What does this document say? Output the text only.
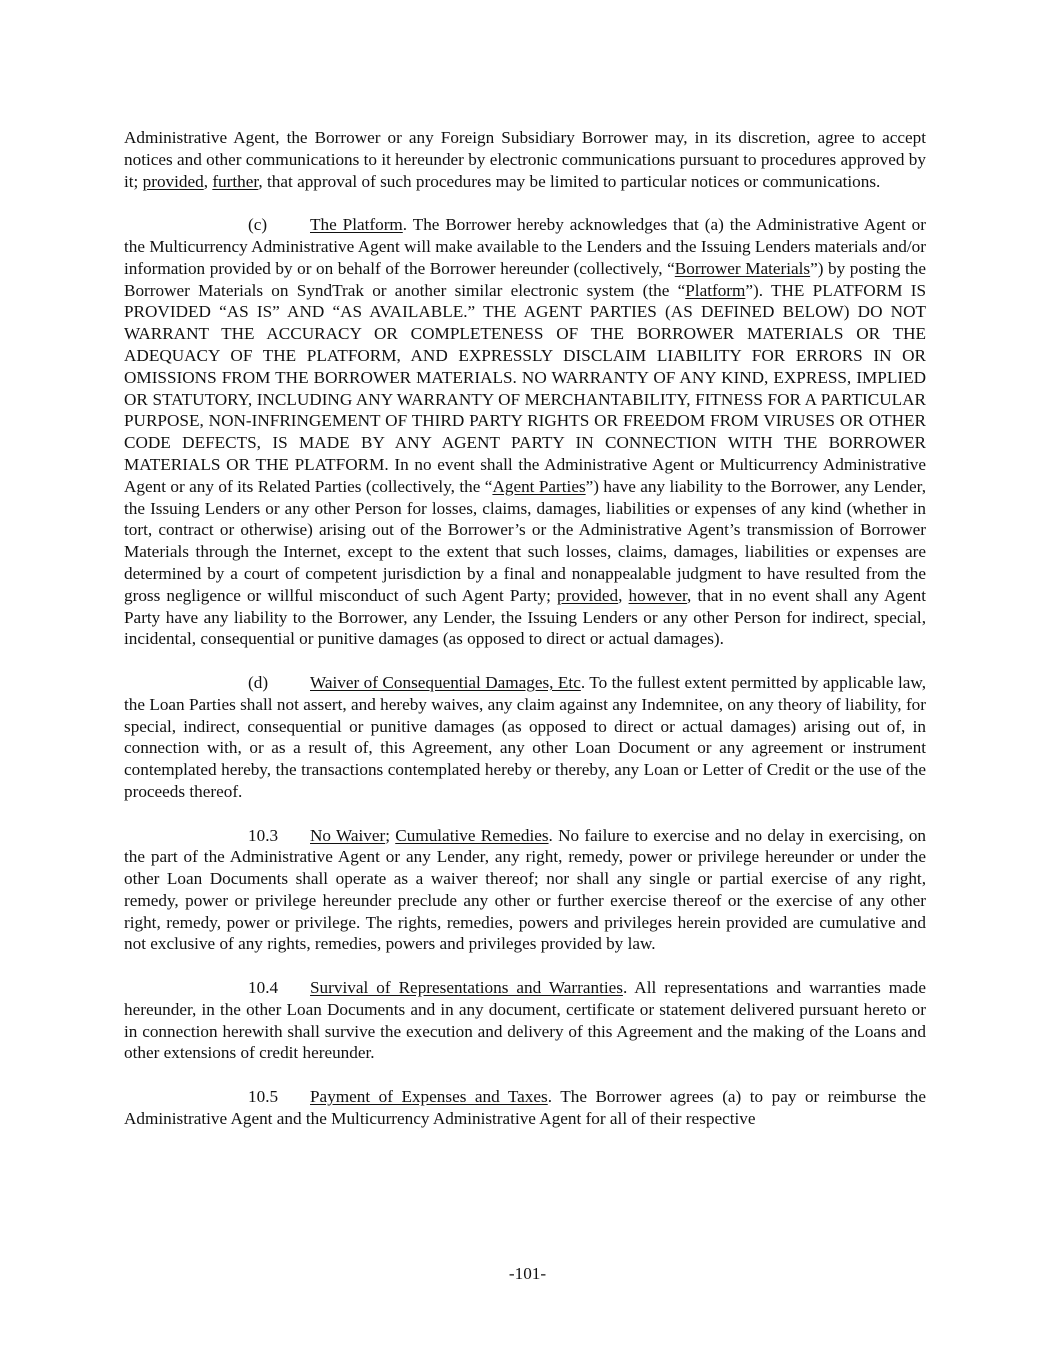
Administrative Agent, the Borrower or any Foreign Subsidiary Borrower may, in its discretion, agree to accept notices and other communications to it hereunder by electronic communications pursuant to procedures approved by it; provided, further, that approval of such procedures may be limited to particular notices or communications.

(c) The Platform. The Borrower hereby acknowledges that (a) the Administrative Agent or the Multicurrency Administrative Agent will make available to the Lenders and the Issuing Lenders materials and/or information provided by or on behalf of the Borrower hereunder (collectively, “Borrower Materials”) by posting the Borrower Materials on SyndTrak or another similar electronic system (the “Platform”). THE PLATFORM IS PROVIDED “AS IS” AND “AS AVAILABLE.” THE AGENT PARTIES (AS DEFINED BELOW) DO NOT WARRANT THE ACCURACY OR COMPLETENESS OF THE BORROWER MATERIALS OR THE ADEQUACY OF THE PLATFORM, AND EXPRESSLY DISCLAIM LIABILITY FOR ERRORS IN OR OMISSIONS FROM THE BORROWER MATERIALS. NO WARRANTY OF ANY KIND, EXPRESS, IMPLIED OR STATUTORY, INCLUDING ANY WARRANTY OF MERCHANTABILITY, FITNESS FOR A PARTICULAR PURPOSE, NON-INFRINGEMENT OF THIRD PARTY RIGHTS OR FREEDOM FROM VIRUSES OR OTHER CODE DEFECTS, IS MADE BY ANY AGENT PARTY IN CONNECTION WITH THE BORROWER MATERIALS OR THE PLATFORM. In no event shall the Administrative Agent or Multicurrency Administrative Agent or any of its Related Parties (collectively, the “Agent Parties”) have any liability to the Borrower, any Lender, the Issuing Lenders or any other Person for losses, claims, damages, liabilities or expenses of any kind (whether in tort, contract or otherwise) arising out of the Borrower’s or the Administrative Agent’s transmission of Borrower Materials through the Internet, except to the extent that such losses, claims, damages, liabilities or expenses are determined by a court of competent jurisdiction by a final and nonappealable judgment to have resulted from the gross negligence or willful misconduct of such Agent Party; provided, however, that in no event shall any Agent Party have any liability to the Borrower, any Lender, the Issuing Lenders or any other Person for indirect, special, incidental, consequential or punitive damages (as opposed to direct or actual damages).

(d) Waiver of Consequential Damages, Etc. To the fullest extent permitted by applicable law, the Loan Parties shall not assert, and hereby waives, any claim against any Indemnitee, on any theory of liability, for special, indirect, consequential or punitive damages (as opposed to direct or actual damages) arising out of, in connection with, or as a result of, this Agreement, any other Loan Document or any agreement or instrument contemplated hereby, the transactions contemplated hereby or thereby, any Loan or Letter of Credit or the use of the proceeds thereof.

10.3 No Waiver; Cumulative Remedies. No failure to exercise and no delay in exercising, on the part of the Administrative Agent or any Lender, any right, remedy, power or privilege hereunder or under the other Loan Documents shall operate as a waiver thereof; nor shall any single or partial exercise of any right, remedy, power or privilege hereunder preclude any other or further exercise thereof or the exercise of any other right, remedy, power or privilege. The rights, remedies, powers and privileges herein provided are cumulative and not exclusive of any rights, remedies, powers and privileges provided by law.

10.4 Survival of Representations and Warranties. All representations and warranties made hereunder, in the other Loan Documents and in any document, certificate or statement delivered pursuant hereto or in connection herewith shall survive the execution and delivery of this Agreement and the making of the Loans and other extensions of credit hereunder.

10.5 Payment of Expenses and Taxes. The Borrower agrees (a) to pay or reimburse the Administrative Agent and the Multicurrency Administrative Agent for all of their respective

-101-
